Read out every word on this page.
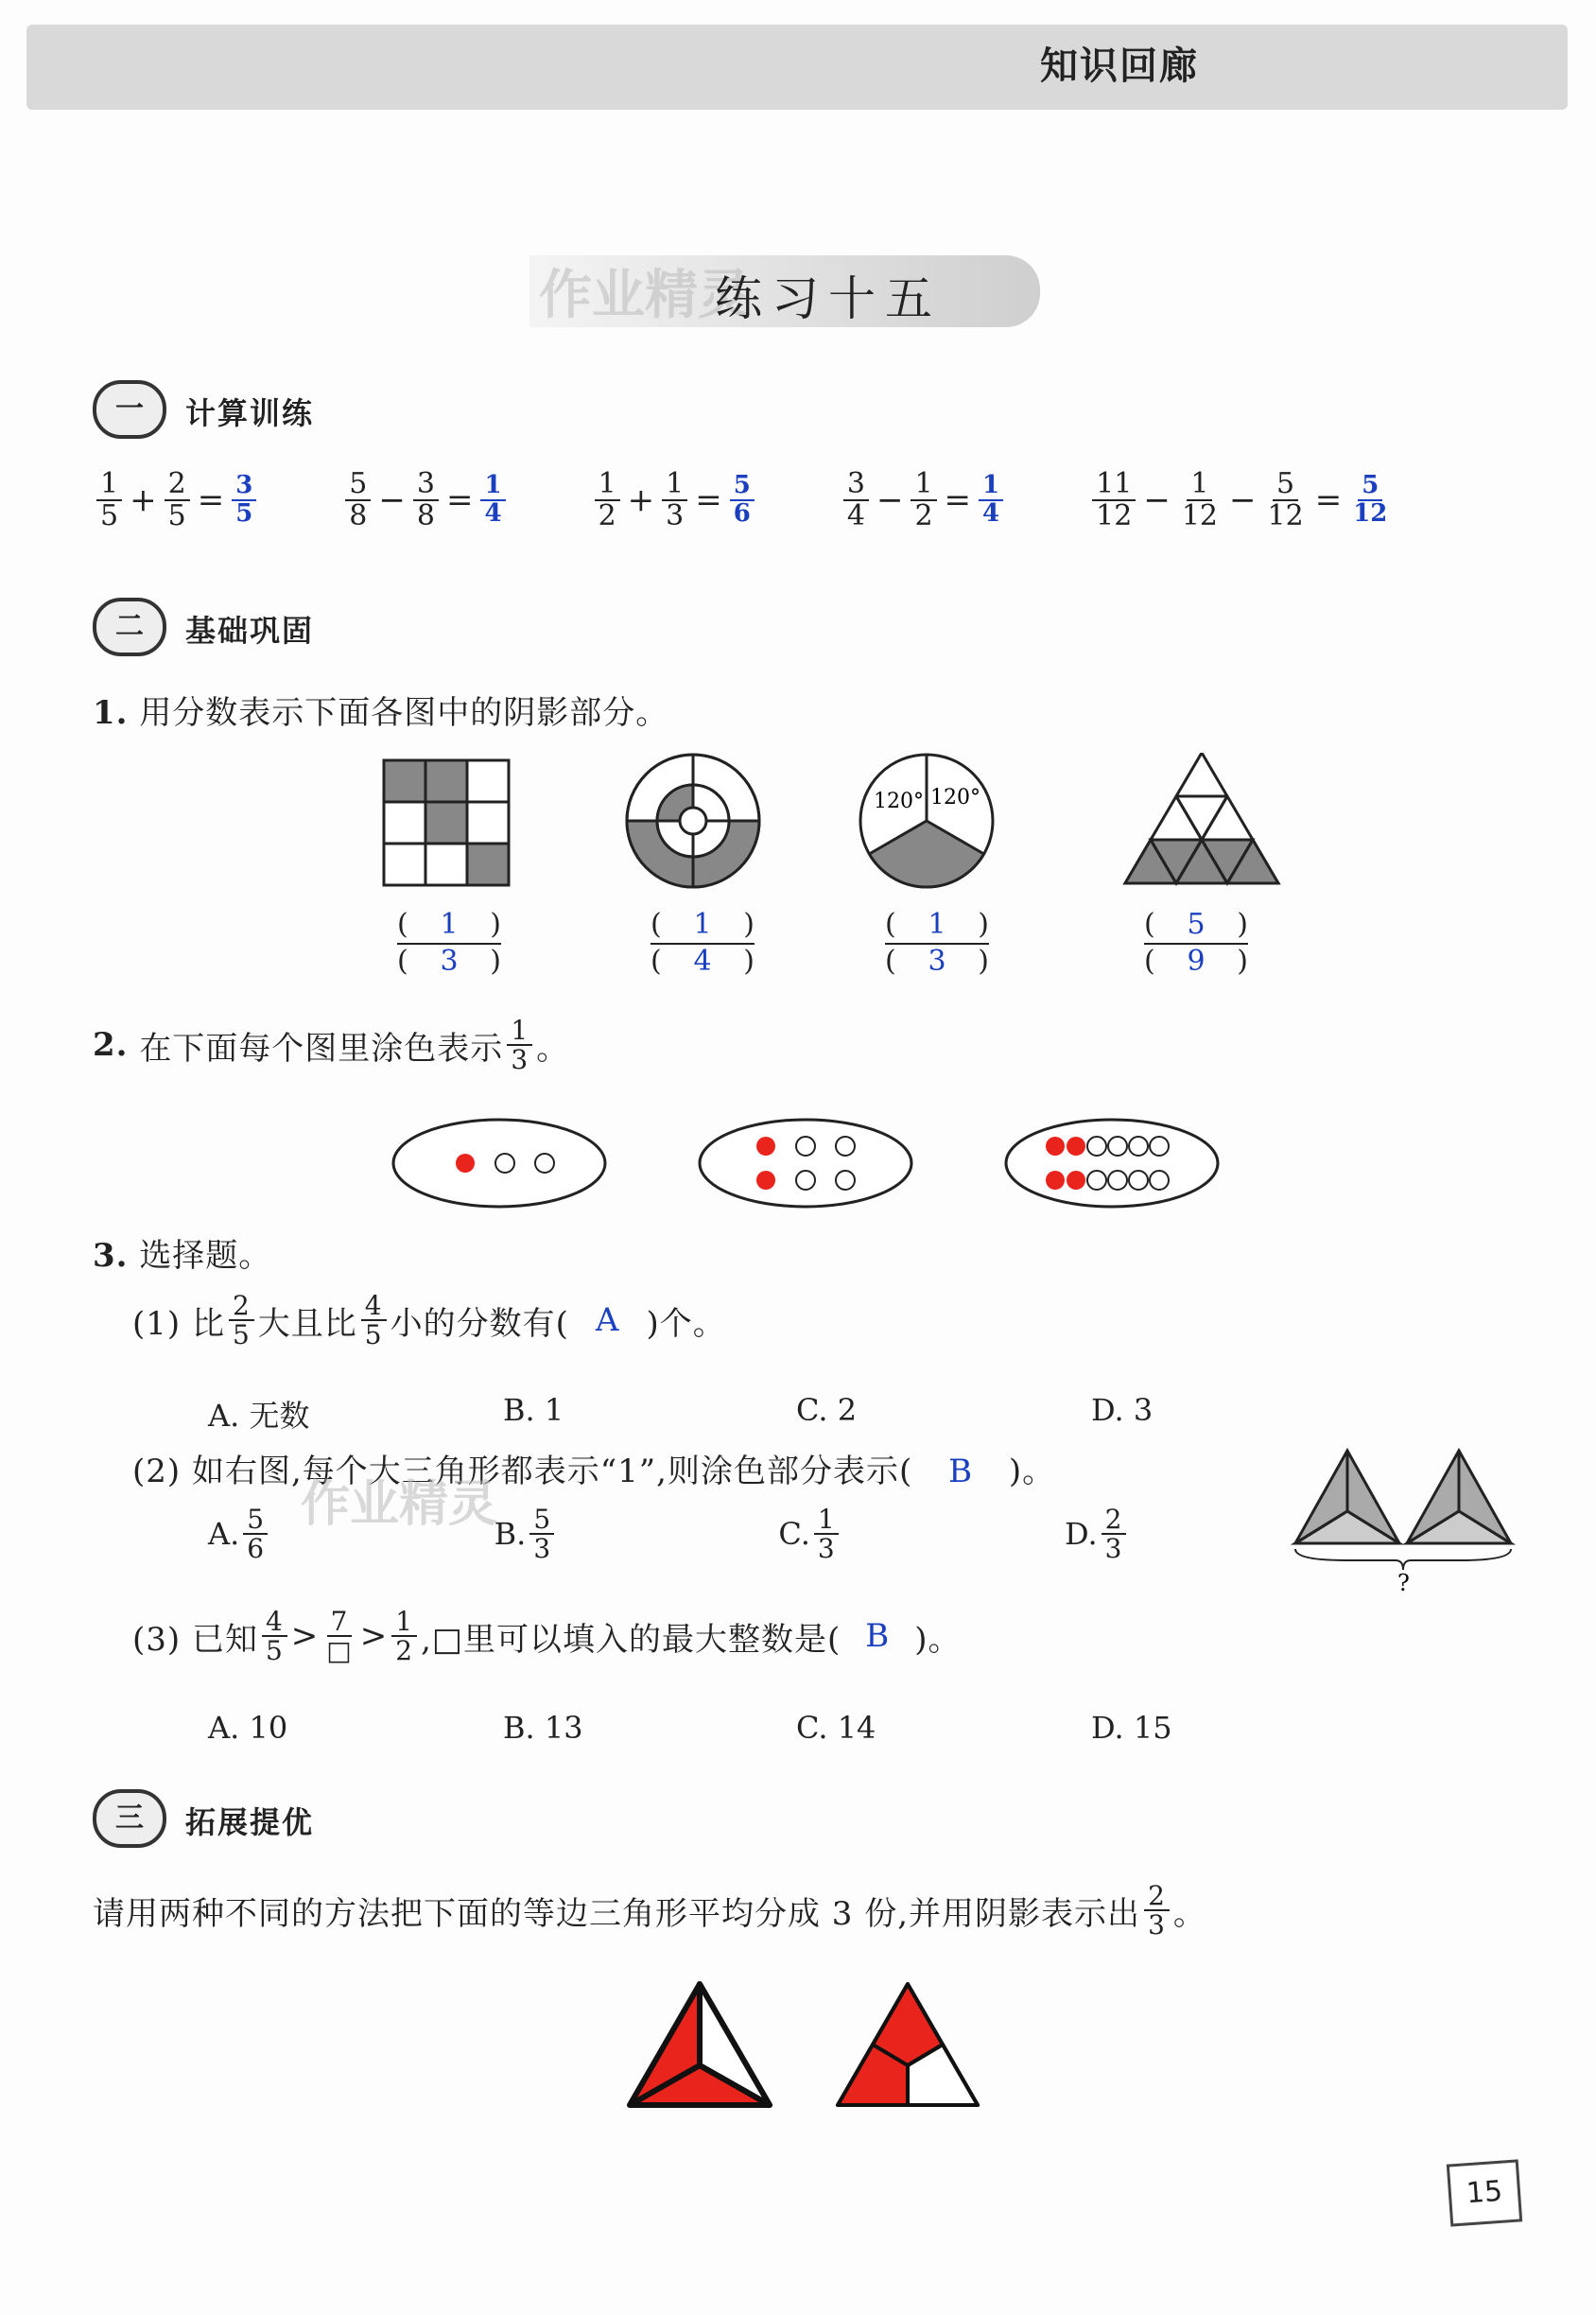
知识回廊
作业精灵
练习十五
一	计算训练
$\frac{1}{5} + \frac{2}{5} = \frac{3}{5}$	$\frac{5}{8} - \frac{3}{8} = \frac{1}{4}$	$\frac{1}{2} + \frac{1}{3} = \frac{5}{6}$	$\frac{3}{4} - \frac{1}{2} = \frac{1}{4}$	$\frac{11}{12} - \frac{1}{12} - \frac{5}{12} = \frac{5}{12}$
二	基础巩固
1. 用分数表示下面各图中的阴影部分。
120° 120°
( 1 )
( 3 )
( 1 )
( 4 )
( 1 )
( 3 )
( 5 )
( 9 )
2.
在下面每个图里涂色表示 $\frac{1}{3}$ 。
3. 选择题。
(1) 比 $\frac{2}{5}$ 大且比 $\frac{4}{5}$ 小的分数有( A )个。
A. 无数	B. 1	C. 2	D. 3
(2) 如右图,每个大三角形都表示“1”,则涂色部分表示( B )。
作业精灵
A. $\frac{5}{6}$	B. $\frac{5}{3}$	C. $\frac{1}{3}$	D. $\frac{2}{3}$
?
(3) 已知 $\frac{4}{5} > \frac{7}{□} > \frac{1}{2}$ ,□里可以填入的最大整数是( B )。
A. 10	B. 13	C. 14	D. 15
三	拓展提优
请用两种不同的方法把下面的等边三角形平均分成 3 份,并用阴影表示出 $\frac{2}{3}$ 。
15
